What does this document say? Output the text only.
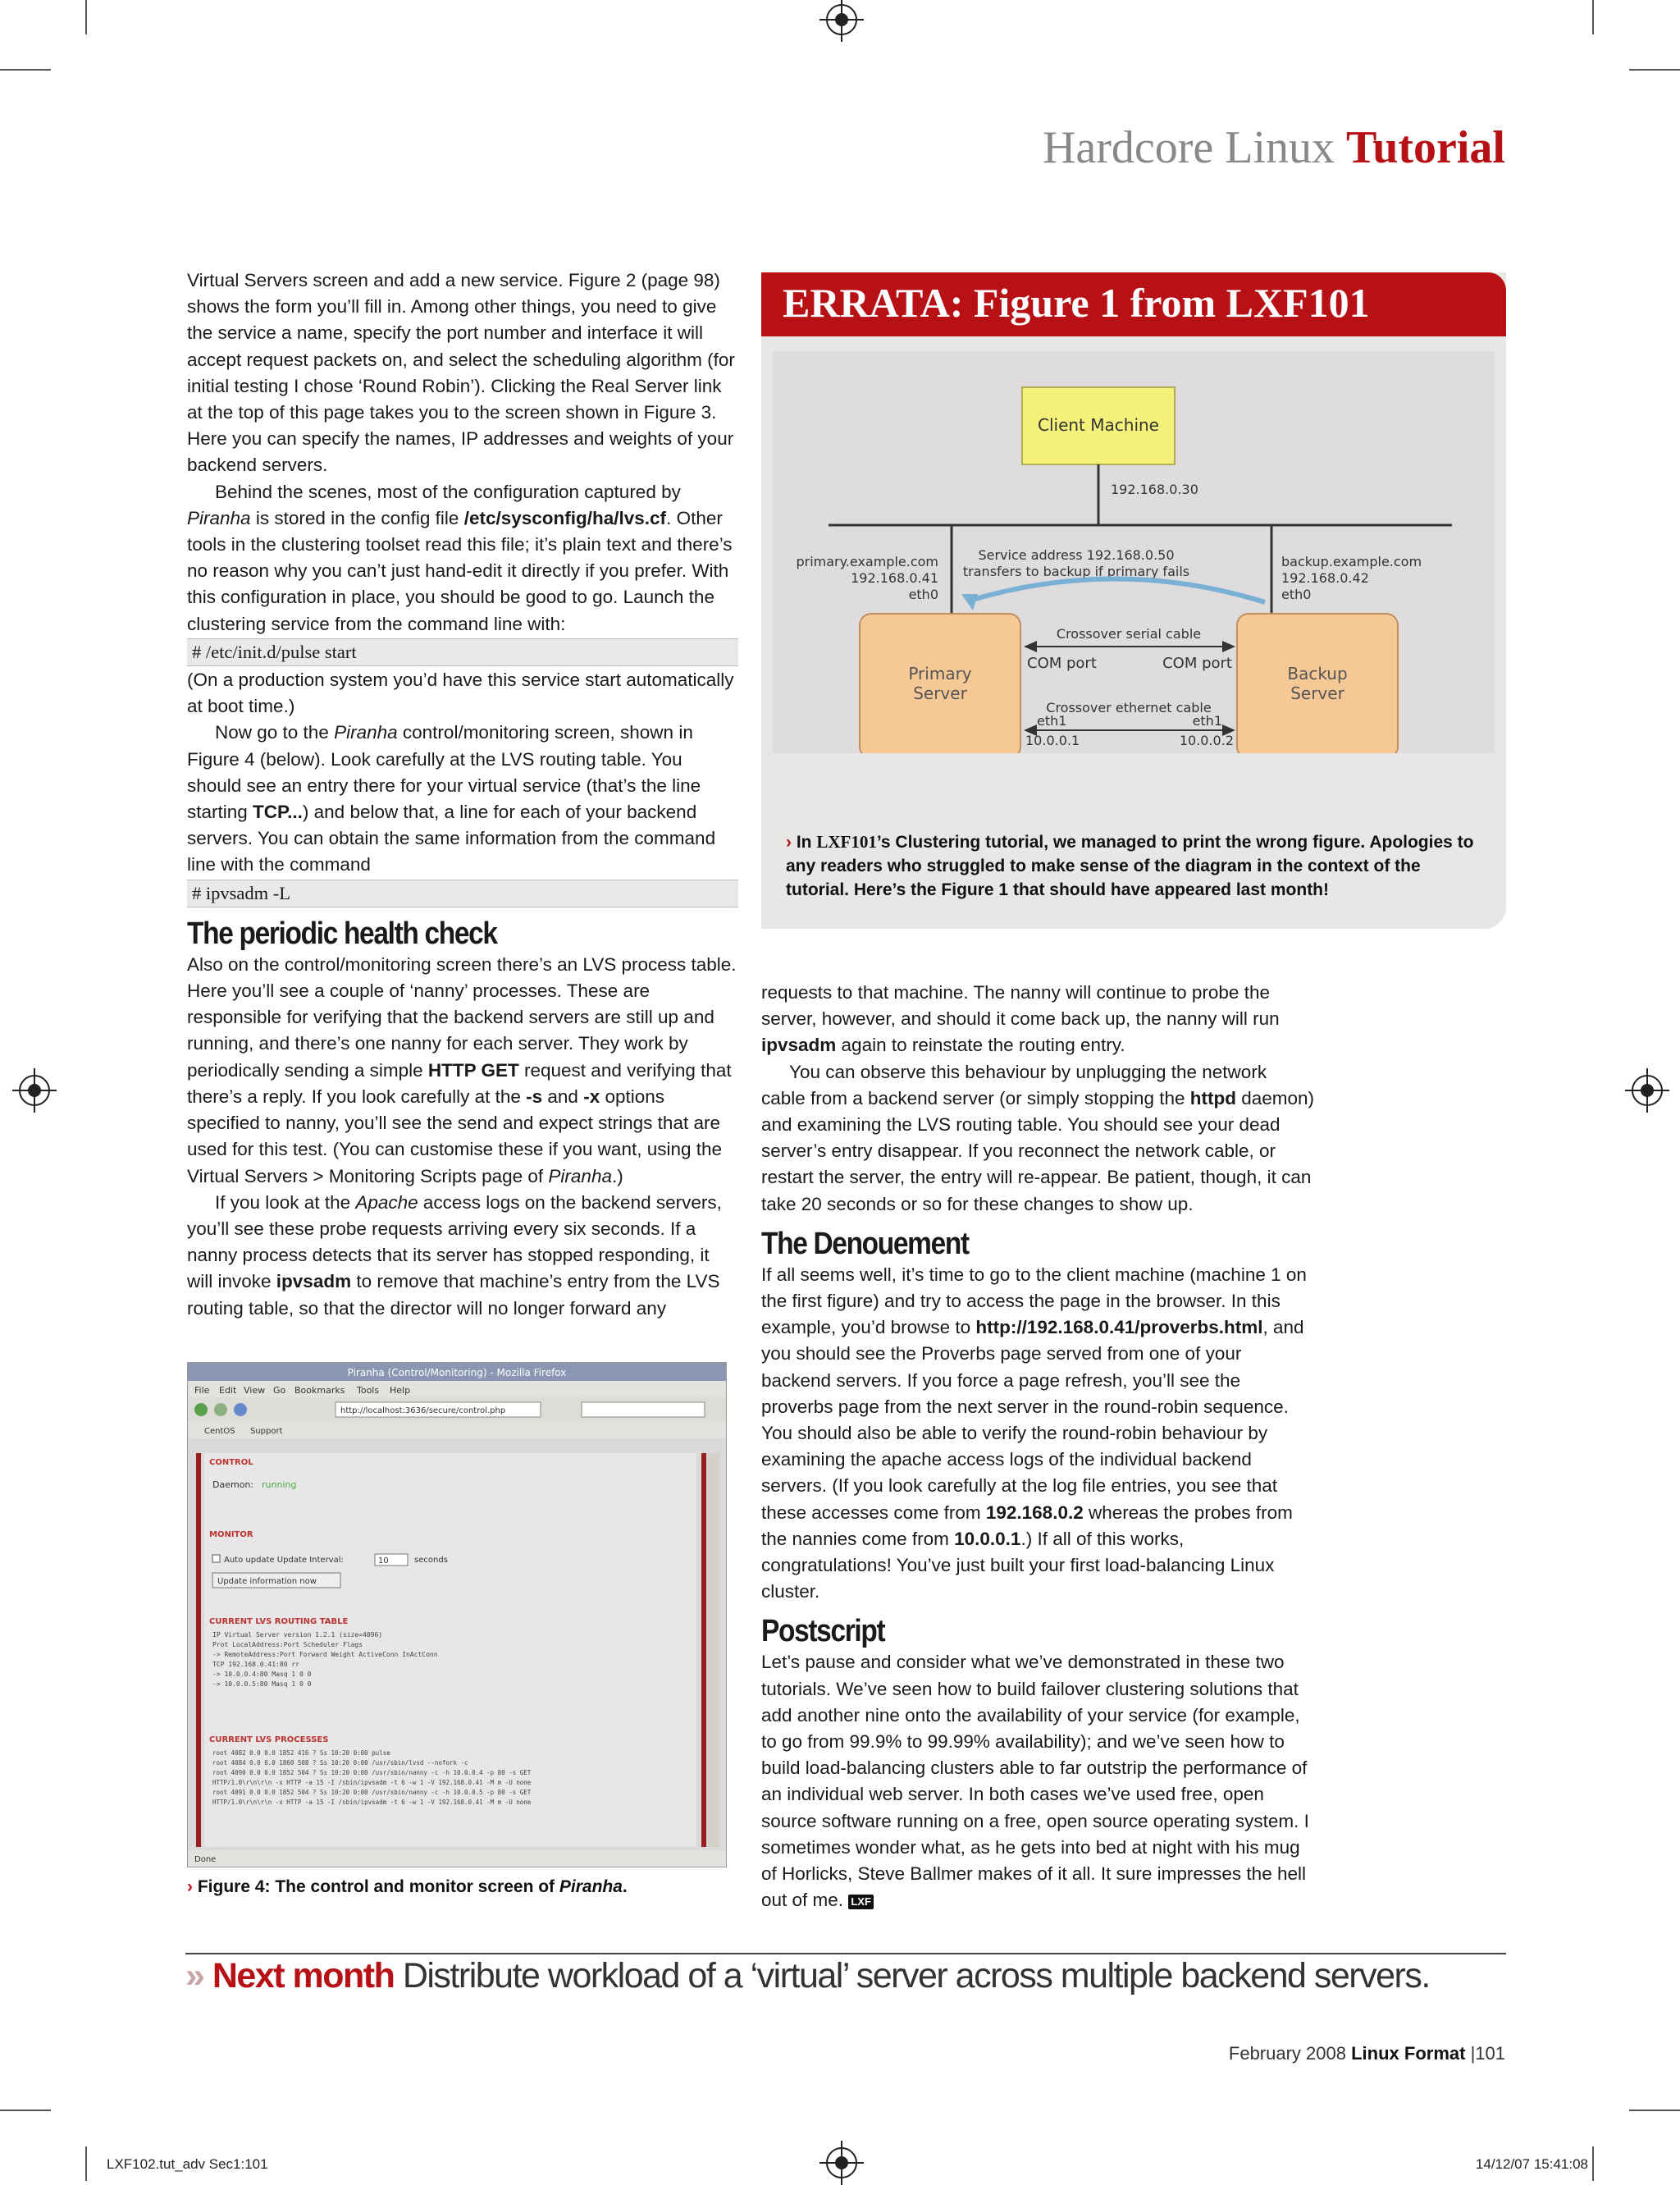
Hardcore Linux Tutorial

Virtual Servers screen and add a new service. Figure 2 (page 98) shows the form you’ll fill in. Among other things, you need to give the service a name, specify the port number and interface it will accept request packets on, and select the scheduling algorithm (for initial testing I chose ‘Round Robin’). Clicking the Real Server link at the top of this page takes you to the screen shown in Figure 3. Here you can specify the names, IP addresses and weights of your backend servers.

Behind the scenes, most of the configuration captured by Piranha is stored in the config file /etc/sysconfig/ha/lvs.cf. Other tools in the clustering toolset read this file; it’s plain text and there’s no reason why you can’t just hand-edit it directly if you prefer. With this configuration in place, you should be good to go. Launch the clustering service from the command line with:

# /etc/init.d/pulse start

(On a production system you’d have this service start automatically at boot time.)

Now go to the Piranha control/monitoring screen, shown in Figure 4 (below). Look carefully at the LVS routing table. You should see an entry there for your virtual service (that’s the line starting TCP...) and below that, a line for each of your backend servers. You can obtain the same information from the command line with the command

# ipvsadm -L
The periodic health check

Also on the control/monitoring screen there’s an LVS process table. Here you’ll see a couple of ‘nanny’ processes. These are responsible for verifying that the backend servers are still up and running, and there’s one nanny for each server. They work by periodically sending a simple HTTP GET request and verifying that there’s a reply. If you look carefully at the -s and -x options specified to nanny, you’ll see the send and expect strings that are used for this test. (You can customise these if you want, using the Virtual Servers > Monitoring Scripts page of Piranha.)

If you look at the Apache access logs on the backend servers, you’ll see these probe requests arriving every six seconds. If a nanny process detects that its server has stopped responding, it will invoke ipvsadm to remove that machine’s entry from the LVS routing table, so that the director will no longer forward any

ERRATA: Figure 1 from LXF101
Client Machine
192.168.0.30
Service address 192.168.0.50
transfers to backup if primary fails
primary.example.com
192.168.0.41
eth0
backup.example.com
192.168.0.42
eth0
Primary
Server
Backup
Server
Crossover serial cable
COM port	COM port
Crossover ethernet cable
eth1
10.0.0.1
eth1
10.0.0.2
› In LXF101’s Clustering tutorial, we managed to print the wrong figure. Apologies to any readers who struggled to make sense of the diagram in the context of the tutorial. Here’s the Figure 1 that should have appeared last month!

requests to that machine. The nanny will continue to probe the server, however, and should it come back up, the nanny will run ipvsadm again to reinstate the routing entry.

You can observe this behaviour by unplugging the network cable from a backend server (or simply stopping the httpd daemon) and examining the LVS routing table. You should see your dead server’s entry disappear. If you reconnect the network cable, or restart the server, the entry will re-appear. Be patient, though, it can take 20 seconds or so for these changes to show up.

The Denouement

If all seems well, it’s time to go to the client machine (machine 1 on the first figure) and try to access the page in the browser. In this example, you’d browse to http://192.168.0.41/proverbs.html, and you should see the Proverbs page served from one of your backend servers. If you force a page refresh, you’ll see the proverbs page from the next server in the round-robin sequence. You should also be able to verify the round-robin behaviour by examining the apache access logs of the individual backend servers. (If you look carefully at the log file entries, you see that these accesses come from 192.168.0.2 whereas the probes from the nannies come from 10.0.0.1.) If all of this works, congratulations! You’ve just built your first load-balancing Linux cluster.

Postscript

Let’s pause and consider what we’ve demonstrated in these two tutorials. We’ve seen how to build failover clustering solutions that add another nine onto the availability of your service (for example, to go from 99.9% to 99.99% availability); and we’ve seen how to build load-balancing clusters able to far outstrip the performance of an individual web server. In both cases we’ve used free, open source software running on a free, open source operating system. I sometimes wonder what, as he gets into bed at night with his mug of Horlicks, Steve Ballmer makes of it all. It sure impresses the hell out of me. LXF

Piranha (Control/Monitoring) - Mozilla Firefox
File Edit View Go Bookmarks Tools Help
http://localhost:3636/secure/control.php
CentOS Support
CONTROL
Daemon: running
MONITOR
Auto update Update Interval:	10	seconds
Update information now
CURRENT LVS ROUTING TABLE
IP Virtual Server version 1.2.1 (size=4096)
Prot LocalAddress:Port Scheduler Flags
-> RemoteAddress:Port Forward Weight ActiveConn InActConn
TCP 192.168.0.41:80 rr
-> 10.0.0.4:80 Masq 1 0 0
-> 10.0.0.5:80 Masq 1 0 0
CURRENT LVS PROCESSES
root 4082 0.0 0.0 1852 416 ? Ss 10:20 0:00 pulse
root 4084 0.0 0.0 1860 508 ? Ss 10:20 0:00 /usr/sbin/lvsd --nofork -c
root 4090 0.0 0.0 1852 504 ? Ss 10:20 0:00 /usr/sbin/nanny -c -h 10.0.0.4 -p 80 -s GET
HTTP/1.0\r\n\r\n -x HTTP -a 15 -I /sbin/ipvsadm -t 6 -w 1 -V 192.168.0.41 -M m -U none
root 4091 0.0 0.0 1852 504 ? Ss 10:20 0:00 /usr/sbin/nanny -c -h 10.0.0.5 -p 80 -s GET
HTTP/1.0\r\n\r\n -x HTTP -a 15 -I /sbin/ipvsadm -t 6 -w 1 -V 192.168.0.41 -M m -U none
Done
› Figure 4: The control and monitor screen of Piranha.
» Next month Distribute workload of a ‘virtual’ server across multiple backend servers.
February 2008 Linux Format |101
LXF102.tut_adv Sec1:101	14/12/07 15:41:08
